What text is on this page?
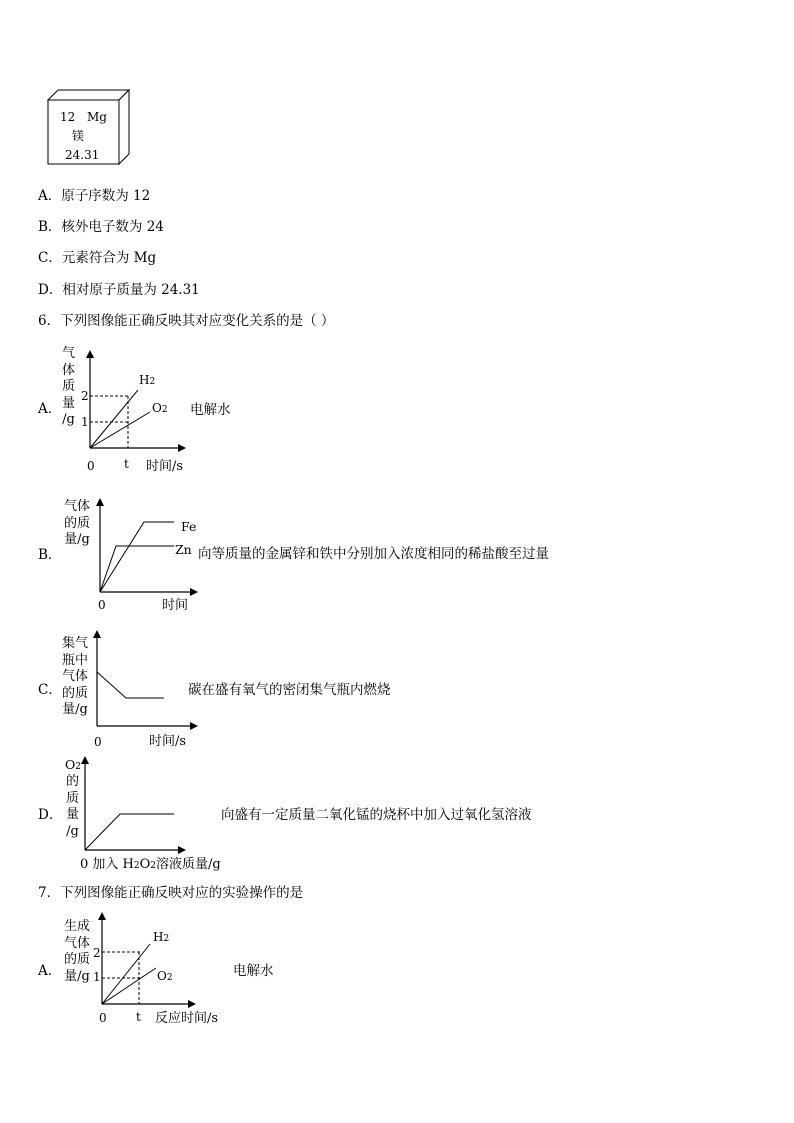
12 Mg
镁
24.31
A．原子序数为 12
B．核外电子数为 24
C．元素符合为 Mg
D．相对原子质量为 24.31
6．下列图像能正确反映其对应变化关系的是（ ）
A．
气
体
质
量
/g
2
1
0 t 时间/s
H2
O2 电解水
B．
气体
的质
量/g
Fe
Zn
0	时间
向等质量的金属锌和铁中分别加入浓度相同的稀盐酸至过量
C．
集气
瓶中
气体
的质
量/g
0	时间/s
碳在盛有氧气的密闭集气瓶内燃烧
D．
O2
的
质
量
/g
0 加入 H2O2溶液质量/g
向盛有一定质量二氧化锰的烧杯中加入过氧化氢溶液
7．下列图像能正确反映对应的实验操作的是
A．
生成
气体
的质
量/g
2
1
0 t 反应时间/s
H2
O2	电解水
